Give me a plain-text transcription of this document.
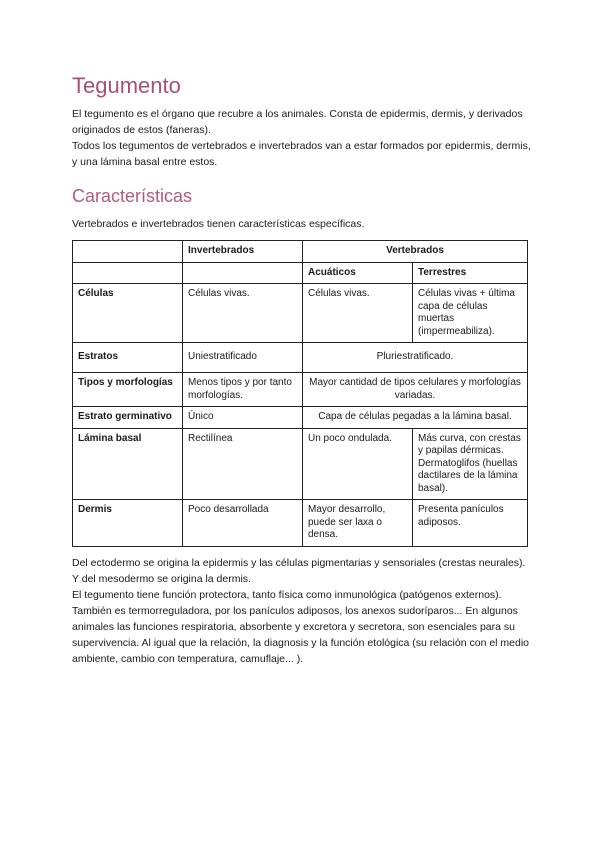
Tegumento

El tegumento es el órgano que recubre a los animales. Consta de epidermis, dermis, y derivados originados de estos (faneras).

Todos los tegumentos de vertebrados e invertebrados van a estar formados por epidermis, dermis, y una lámina basal entre estos.

Características

Vertebrados e invertebrados tienen características específicas.

	Invertebrados	Vertebrados	
		Acuáticos	Terrestres
Células	Células vivas.	Células vivas.	Células vivas + última capa de células muertas (impermeabiliza).
Estratos	Uniestratificado	Pluriestratificado.	
Tipos y morfologías	Menos tipos y por tanto morfologías.	Mayor cantidad de tipos celulares y morfologías variadas.	
Estrato germinativo	Único	Capa de células pegadas a la lámina basal.	
Lámina basal	Rectilínea	Un poco ondulada.	Más curva, con crestas y papilas dérmicas. Dermatoglifos (huellas dactilares de la lámina basal).
Dermis	Poco desarrollada	Mayor desarrollo, puede ser laxa o densa.	Presenta panículos adiposos.

Del ectodermo se origina la epidermis y las células pigmentarias y sensoriales (crestas neurales). Y del mesodermo se origina la dermis.

El tegumento tiene función protectora, tanto física como inmunológica (patógenos externos). También es termorreguladora, por los panículos adiposos, los anexos sudoríparos... En algunos animales las funciones respiratoria, absorbente y excretora y secretora, son esenciales para su supervivencia. Al igual que la relación, la diagnosis y la función etológica (su relación con el medio ambiente, cambio con temperatura, camuflaje... ).
